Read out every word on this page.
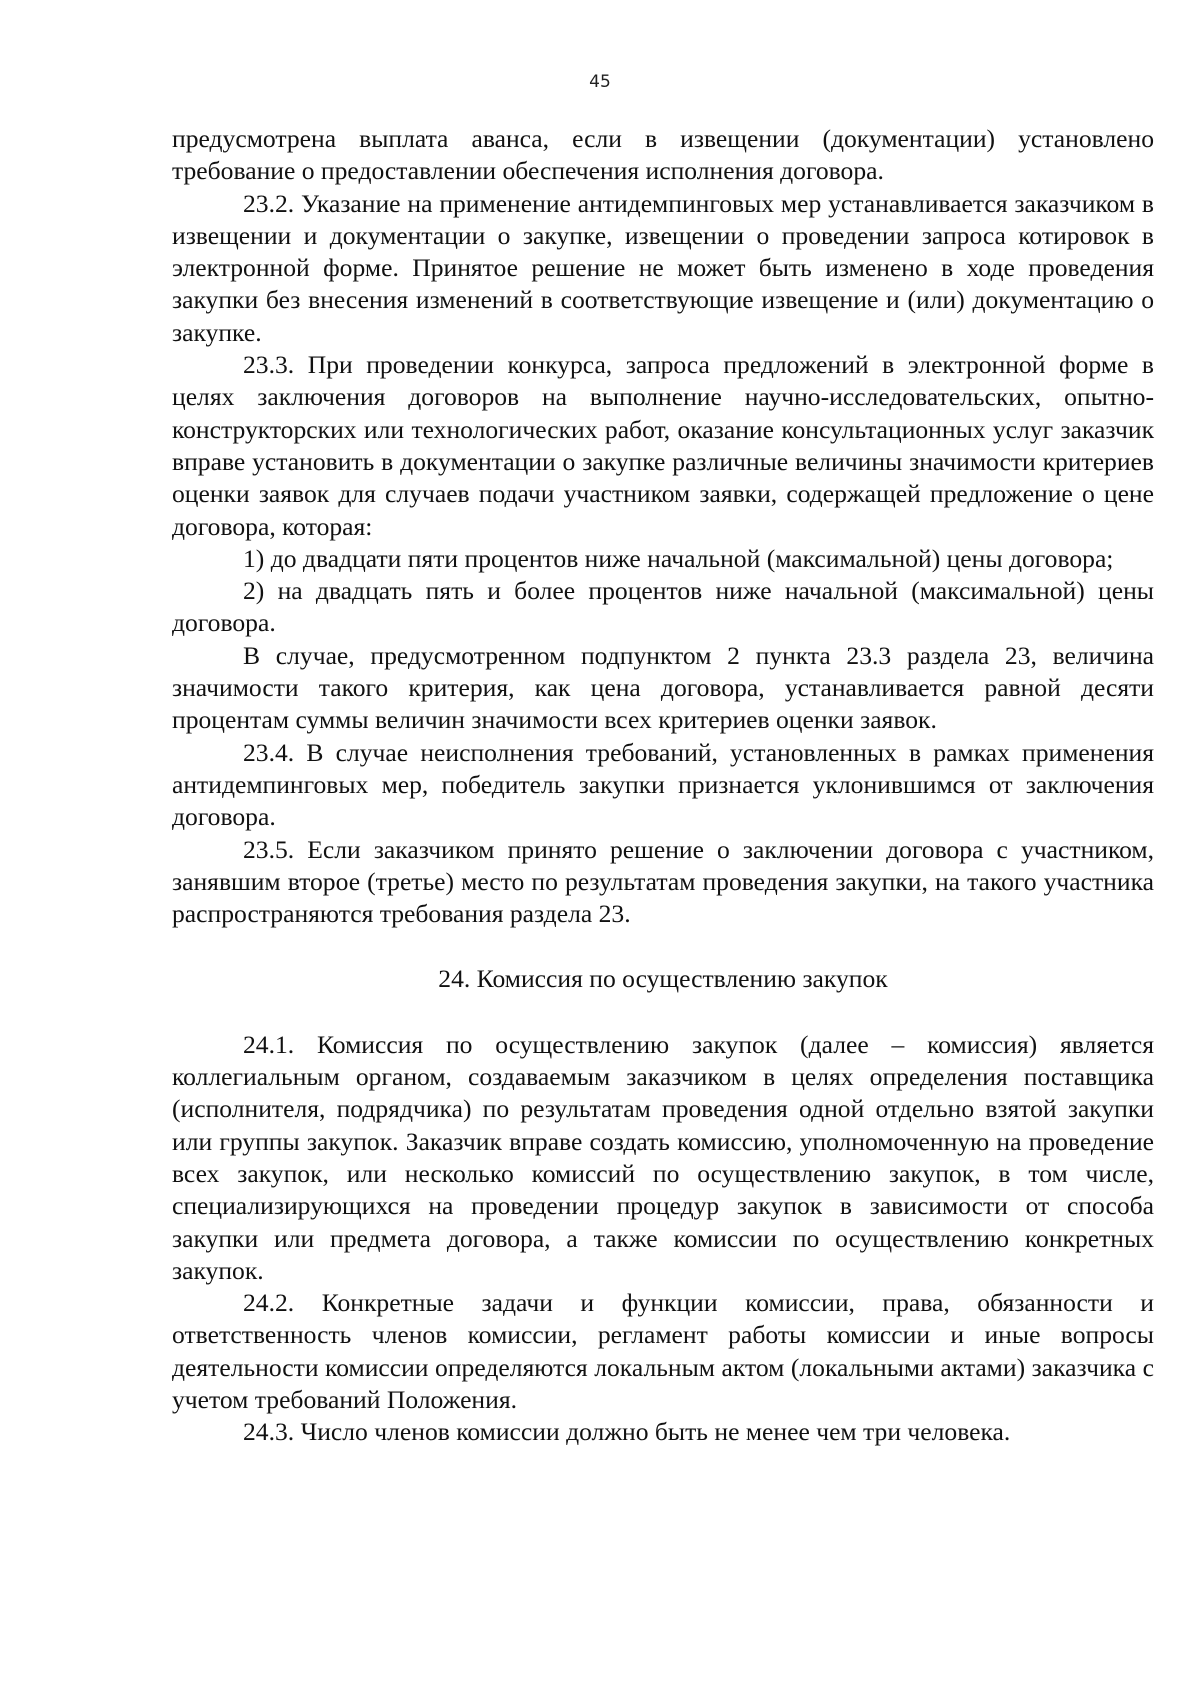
45

предусмотрена выплата аванса, если в извещении (документации) установлено требование о предоставлении обеспечения исполнения договора.

23.2. Указание на применение антидемпинговых мер устанавливается заказчиком в извещении и документации о закупке, извещении о проведении запроса котировок в электронной форме. Принятое решение не может быть изменено в ходе проведения закупки без внесения изменений в соответствующие извещение и (или) документацию о закупке.

23.3. При проведении конкурса, запроса предложений в электронной форме в целях заключения договоров на выполнение научно-исследовательских, опытно-конструкторских или технологических работ, оказание консультационных услуг заказчик вправе установить в документации о закупке различные величины значимости критериев оценки заявок для случаев подачи участником заявки, содержащей предложение о цене договора, которая:

1) до двадцати пяти процентов ниже начальной (максимальной) цены договора;

2) на двадцать пять и более процентов ниже начальной (максимальной) цены договора.

В случае, предусмотренном подпунктом 2 пункта 23.3 раздела 23, величина значимости такого критерия, как цена договора, устанавливается равной десяти процентам суммы величин значимости всех критериев оценки заявок.

23.4. В случае неисполнения требований, установленных в рамках применения антидемпинговых мер, победитель закупки признается уклонившимся от заключения договора.

23.5. Если заказчиком принято решение о заключении договора с участником, занявшим второе (третье) место по результатам проведения закупки, на такого участника распространяются требования раздела 23.

24. Комиссия по осуществлению закупок

24.1. Комиссия по осуществлению закупок (далее – комиссия) является коллегиальным органом, создаваемым заказчиком в целях определения поставщика (исполнителя, подрядчика) по результатам проведения одной отдельно взятой закупки или группы закупок. Заказчик вправе создать комиссию, уполномоченную на проведение всех закупок, или несколько комиссий по осуществлению закупок, в том числе, специализирующихся на проведении процедур закупок в зависимости от способа закупки или предмета договора, а также комиссии по осуществлению конкретных закупок.

24.2. Конкретные задачи и функции комиссии, права, обязанности и ответственность членов комиссии, регламент работы комиссии и иные вопросы деятельности комиссии определяются локальным актом (локальными актами) заказчика с учетом требований Положения.

24.3. Число членов комиссии должно быть не менее чем три человека.
